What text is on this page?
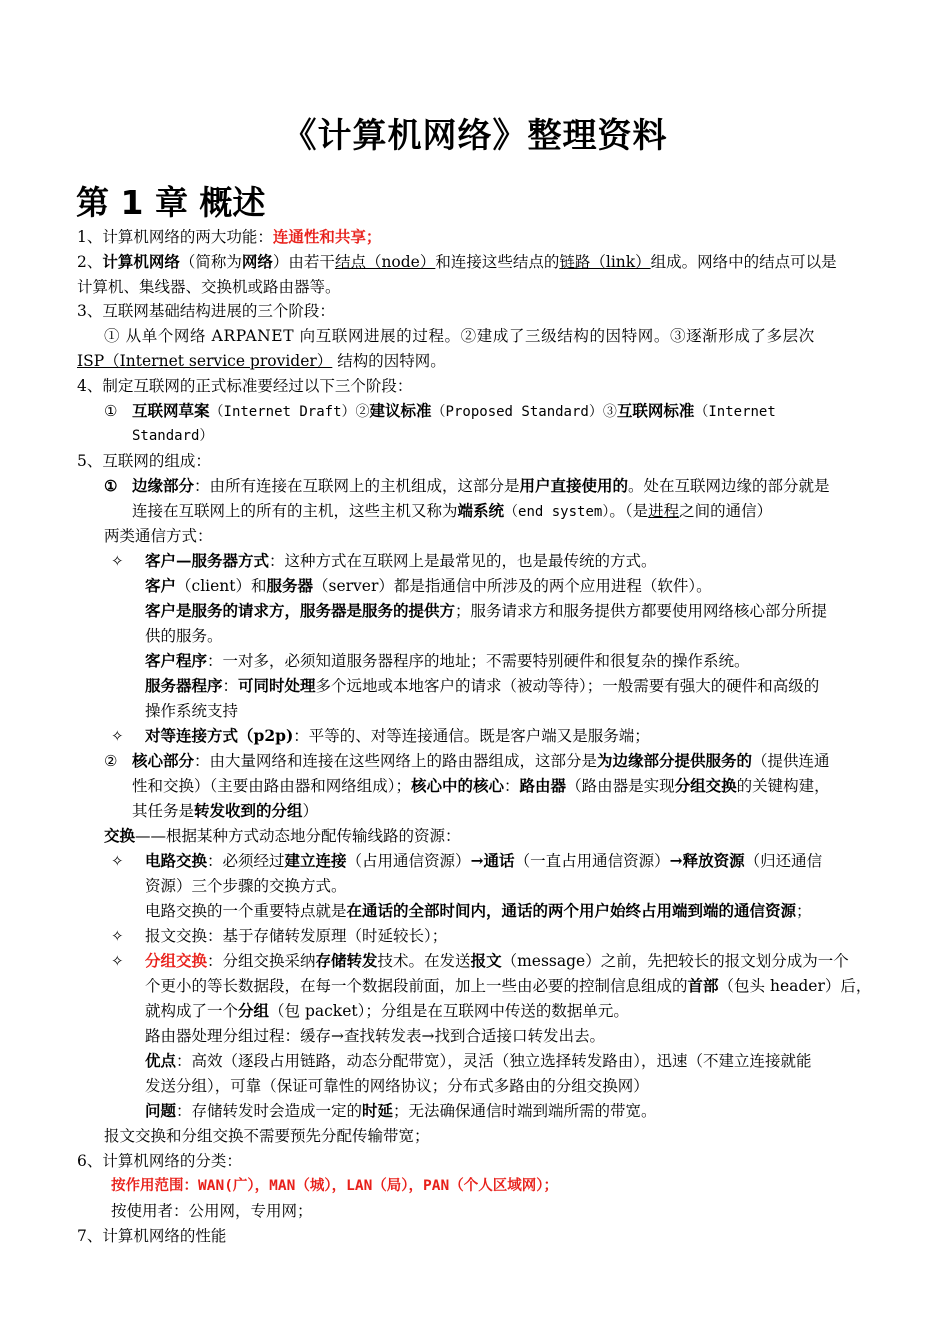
《计算机网络》整理资料
第 1 章 概述
1、计算机网络的两大功能：连通性和共享；
2、计算机网络（简称为网络）由若干结点（node）和连接这些结点的链路（link）组成。网络中的结点可以是
计算机、集线器、交换机或路由器等。
3、互联网基础结构进展的三个阶段：
① 从单个网络 ARPANET 向互联网进展的过程。②建成了三级结构的因特网。③逐渐形成了多层次
ISP（Internet service provider） 结构的因特网。
4、制定互联网的正式标准要经过以下三个阶段：
① 互联网草案（Internet Draft）②建议标准（Proposed Standard）③互联网标准（Internet
Standard）
5、互联网的组成：
① 边缘部分：由所有连接在互联网上的主机组成，这部分是用户直接使用的。处在互联网边缘的部分就是
连接在互联网上的所有的主机，这些主机又称为端系统（end system）。（是进程之间的通信）
两类通信方式：
✧ 客户—服务器方式：这种方式在互联网上是最常见的，也是最传统的方式。
客户（client）和服务器（server）都是指通信中所涉及的两个应用进程（软件）。
客户是服务的请求方，服务器是服务的提供方；服务请求方和服务提供方都要使用网络核心部分所提
供的服务。
客户程序：一对多，必须知道服务器程序的地址；不需要特别硬件和很复杂的操作系统。
服务器程序：可同时处理多个远地或本地客户的请求（被动等待）；一般需要有强大的硬件和高级的
操作系统支持
✧ 对等连接方式（p2p)：平等的、对等连接通信。既是客户端又是服务端；
② 核心部分：由大量网络和连接在这些网络上的路由器组成，这部分是为边缘部分提供服务的（提供连通
性和交换）（主要由路由器和网络组成）；核心中的核心：路由器（路由器是实现分组交换的关键构建，
其任务是转发收到的分组）
交换——根据某种方式动态地分配传输线路的资源：
✧ 电路交换：必须经过建立连接（占用通信资源）→通话（一直占用通信资源）→释放资源（归还通信
资源）三个步骤的交换方式。
电路交换的一个重要特点就是在通话的全部时间内，通话的两个用户始终占用端到端的通信资源；
✧ 报文交换：基于存储转发原理（时延较长）；
✧ 分组交换：分组交换采纳存储转发技术。在发送报文（message）之前，先把较长的报文划分成为一个
个更小的等长数据段，在每一个数据段前面，加上一些由必要的控制信息组成的首部（包头 header）后，
就构成了一个分组（包 packet）；分组是在互联网中传送的数据单元。
路由器处理分组过程：缓存→查找转发表→找到合适接口转发出去。
优点：高效（逐段占用链路，动态分配带宽），灵活（独立选择转发路由），迅速（不建立连接就能
发送分组），可靠（保证可靠性的网络协议；分布式多路由的分组交换网）
问题：存储转发时会造成一定的时延；无法确保通信时端到端所需的带宽。
报文交换和分组交换不需要预先分配传输带宽；
6、计算机网络的分类：
按作用范围：WAN(广），MAN（城），LAN（局），PAN（个人区域网）；
按使用者：公用网，专用网；
7、计算机网络的性能
